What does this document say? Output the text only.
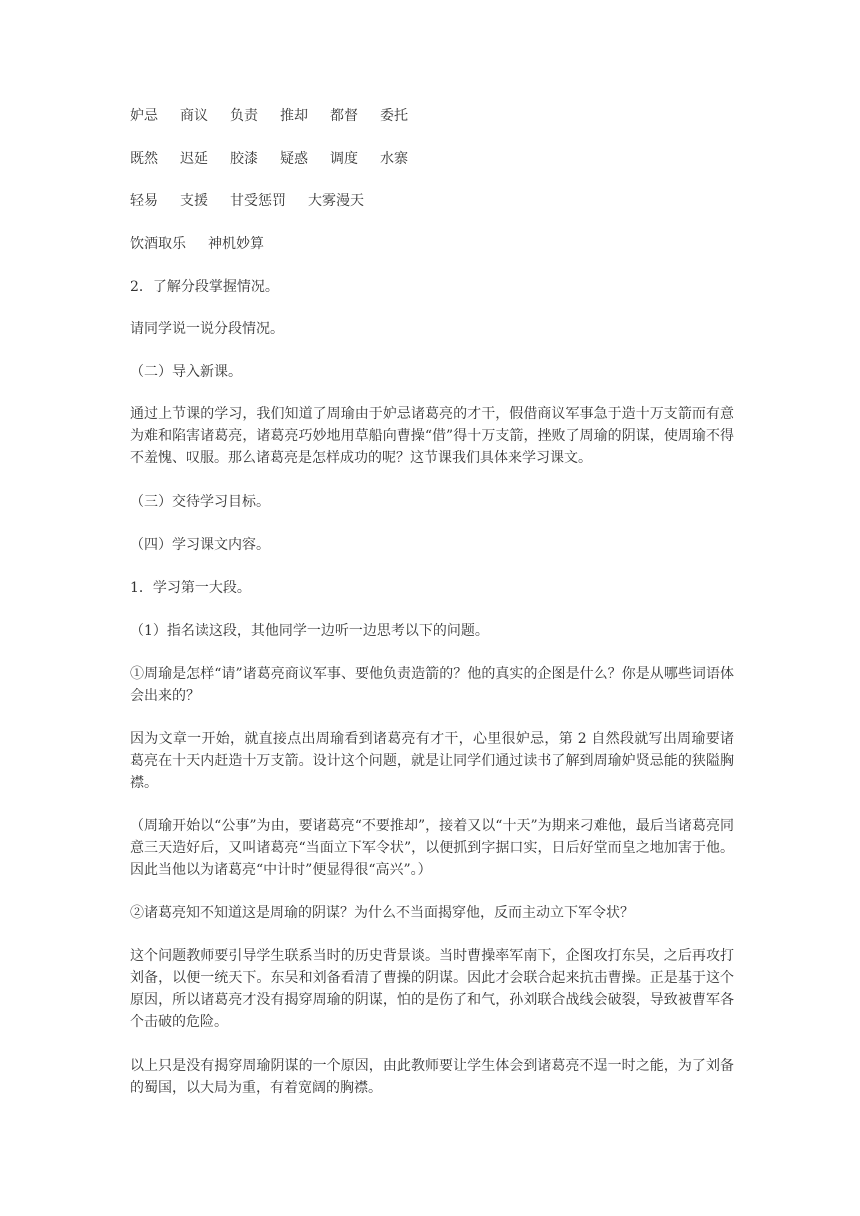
妒忌 商议 负责 推却 都督 委托

既然 迟延 胶漆 疑惑 调度 水寨

轻易 支援 甘受惩罚 大雾漫天

饮酒取乐 神机妙算

2．了解分段掌握情况。

请同学说一说分段情况。

（二）导入新课。

通过上节课的学习，我们知道了周瑜由于妒忌诸葛亮的才干，假借商议军事急于造十万支箭而有意为难和陷害诸葛亮，诸葛亮巧妙地用草船向曹操“借”得十万支箭，挫败了周瑜的阴谋，使周瑜不得不羞愧、叹服。那么诸葛亮是怎样成功的呢？这节课我们具体来学习课文。

（三）交待学习目标。

（四）学习课文内容。

1．学习第一大段。

（1）指名读这段，其他同学一边听一边思考以下的问题。

①周瑜是怎样“请”诸葛亮商议军事、要他负责造箭的？他的真实的企图是什么？你是从哪些词语体会出来的？

因为文章一开始，就直接点出周瑜看到诸葛亮有才干，心里很妒忌，第 2 自然段就写出周瑜要诸葛亮在十天内赶造十万支箭。设计这个问题，就是让同学们通过读书了解到周瑜妒贤忌能的狭隘胸襟。

（周瑜开始以“公事”为由，要诸葛亮“不要推却”，接着又以“十天”为期来刁难他，最后当诸葛亮同意三天造好后，又叫诸葛亮“当面立下军令状”，以便抓到字据口实，日后好堂而皇之地加害于他。因此当他以为诸葛亮“中计时”便显得很“高兴”。）

②诸葛亮知不知道这是周瑜的阴谋？为什么不当面揭穿他，反而主动立下军令状？

这个问题教师要引导学生联系当时的历史背景谈。当时曹操率军南下，企图攻打东吴，之后再攻打刘备，以便一统天下。东吴和刘备看清了曹操的阴谋。因此才会联合起来抗击曹操。正是基于这个原因，所以诸葛亮才没有揭穿周瑜的阴谋，怕的是伤了和气，孙刘联合战线会破裂，导致被曹军各个击破的危险。

以上只是没有揭穿周瑜阴谋的一个原因，由此教师要让学生体会到诸葛亮不逞一时之能，为了刘备的蜀国，以大局为重，有着宽阔的胸襟。
